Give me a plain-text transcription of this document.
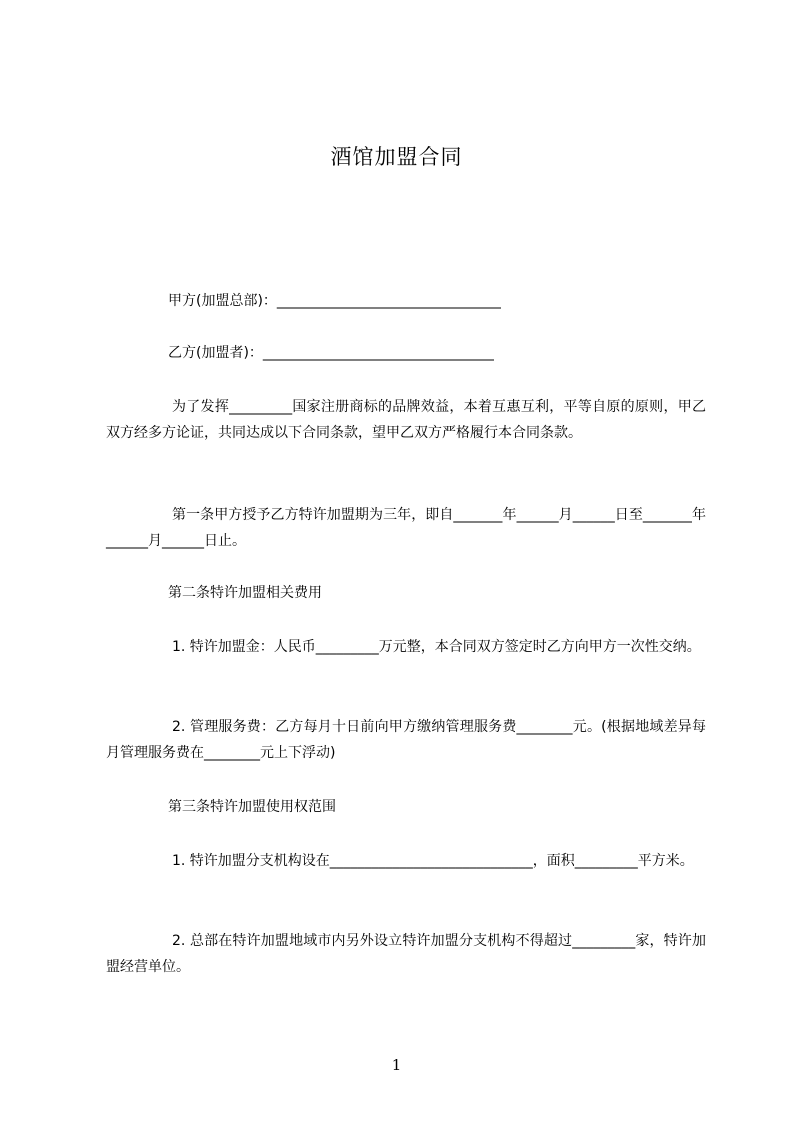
酒馆加盟合同

甲方(加盟总部)：________________________________

乙方(加盟者)：_________________________________

为了发挥_________国家注册商标的品牌效益，本着互惠互利，平等自原的原则，甲乙双方经多方论证，共同达成以下合同条款，望甲乙双方严格履行本合同条款。

第一条甲方授予乙方特许加盟期为三年，即自_______年______月______日至_______年______月______日止。

第二条特许加盟相关费用

1. 特许加盟金：人民币_________万元整，本合同双方签定时乙方向甲方一次性交纳。

2. 管理服务费：乙方每月十日前向甲方缴纳管理服务费________元。(根据地域差异每月管理服务费在________元上下浮动)

第三条特许加盟使用权范围

1. 特许加盟分支机构设在_____________________________，面积_________平方米。

2. 总部在特许加盟地域市内另外设立特许加盟分支机构不得超过_________家，特许加盟经营单位。

1
